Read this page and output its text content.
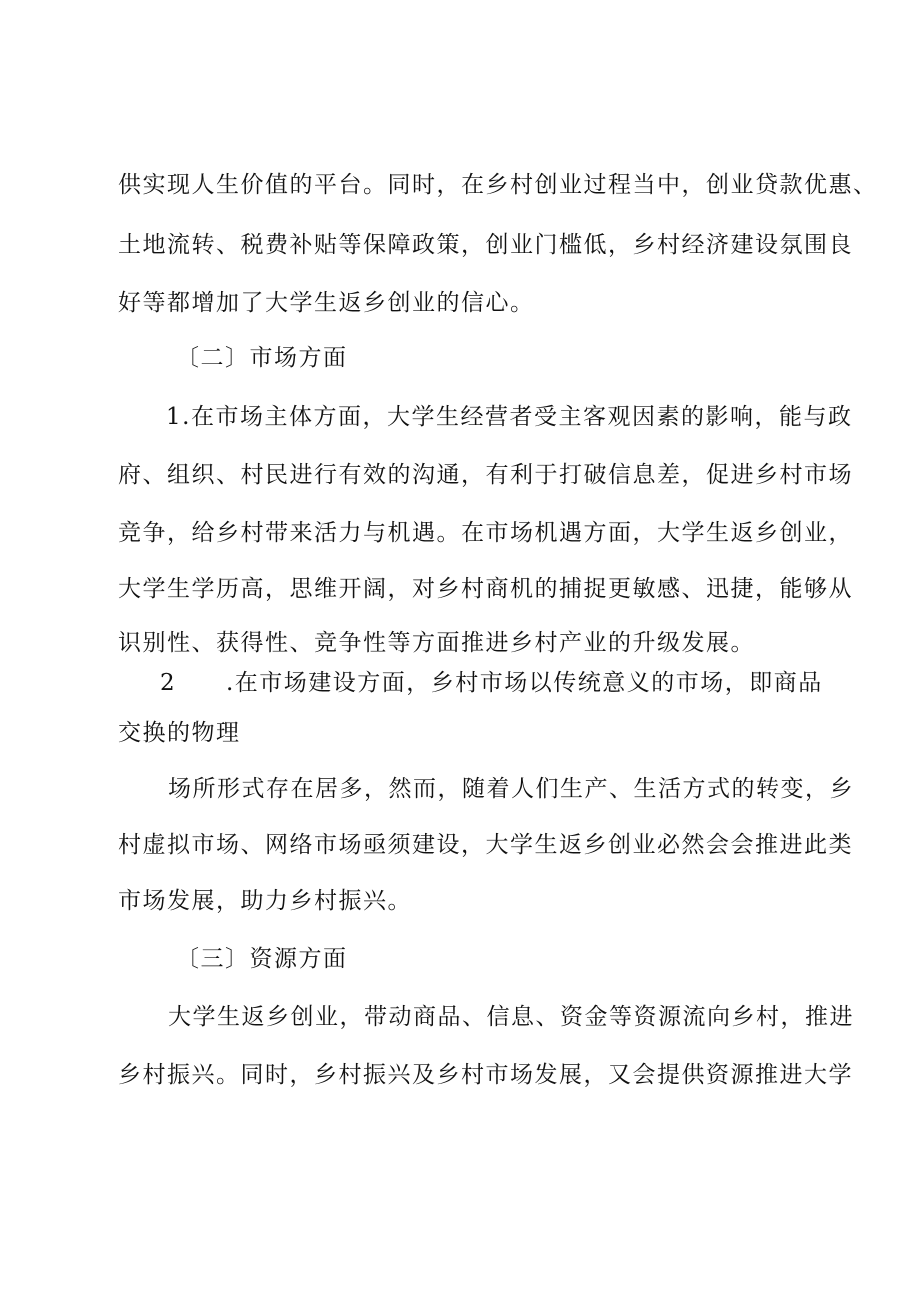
供实现人生价值的平台。同时，在乡村创业过程当中，创业贷款优惠、
土地流转、税费补贴等保障政策，创业门槛低，乡村经济建设氛围良
好等都增加了大学生返乡创业的信心。
〔二〕市场方面
1.在市场主体方面，大学生经营者受主客观因素的影响，能与政
府、组织、村民进行有效的沟通，有利于打破信息差，促进乡村市场
竞争，给乡村带来活力与机遇。在市场机遇方面，大学生返乡创业，
大学生学历高，思维开阔，对乡村商机的捕捉更敏感、迅捷，能够从
识别性、获得性、竞争性等方面推进乡村产业的升级发展。
2 .在市场建设方面，乡村市场以传统意义的市场，即商品
交换的物理
场所形式存在居多，然而，随着人们生产、生活方式的转变，乡
村虚拟市场、网络市场亟须建设，大学生返乡创业必然会会推进此类
市场发展，助力乡村振兴。
〔三〕资源方面
大学生返乡创业，带动商品、信息、资金等资源流向乡村，推进
乡村振兴。同时，乡村振兴及乡村市场发展，又会提供资源推进大学
